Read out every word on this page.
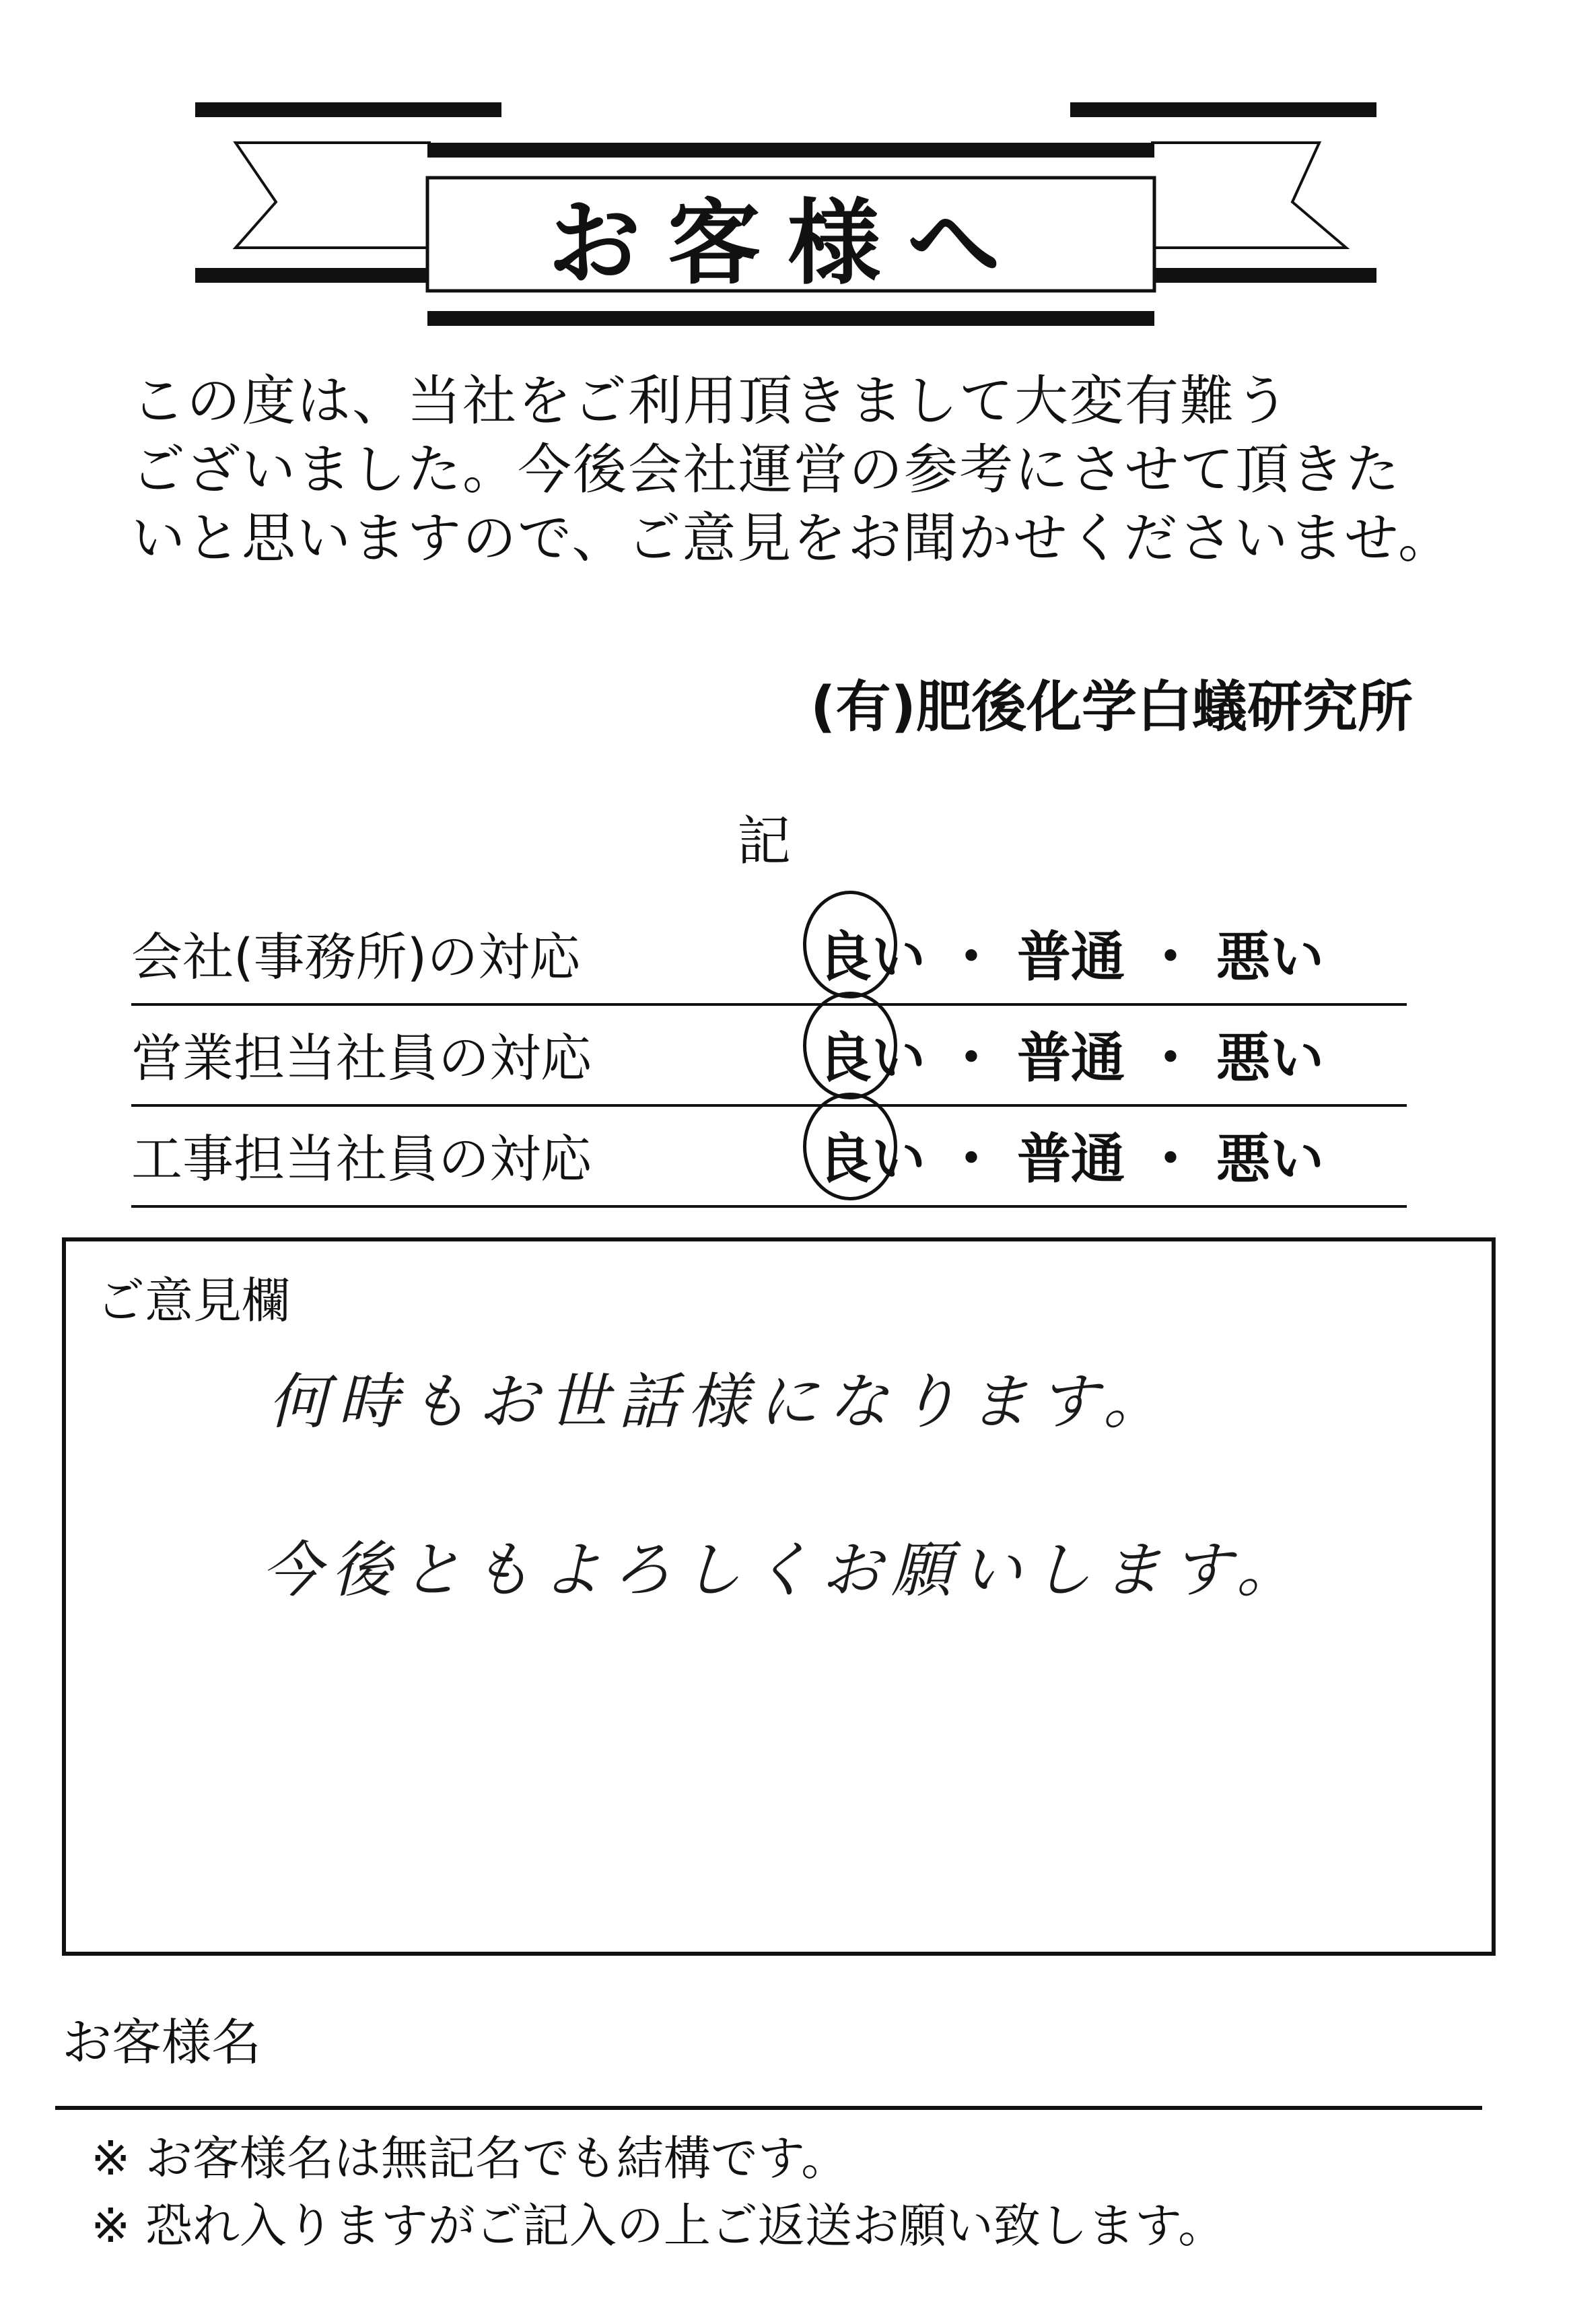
お客様へ

この度は、当社をご利用頂きまして大変有難う

ございました。今後会社運営の参考にさせて頂きた

いと思いますので、ご意見をお聞かせくださいませ。

(有)肥後化学白蟻研究所
記
会社(事務所)の対応	良い ・ 普通 ・ 悪い
営業担当社員の対応	良い ・ 普通 ・ 悪い
工事担当社員の対応	良い ・ 普通 ・ 悪い
ご意見欄
何時もお世話様になります。
今後ともよろしくお願いします。
お客様名
※ お客様名は無記名でも結構です。
※ 恐れ入りますがご記入の上ご返送お願い致します。
